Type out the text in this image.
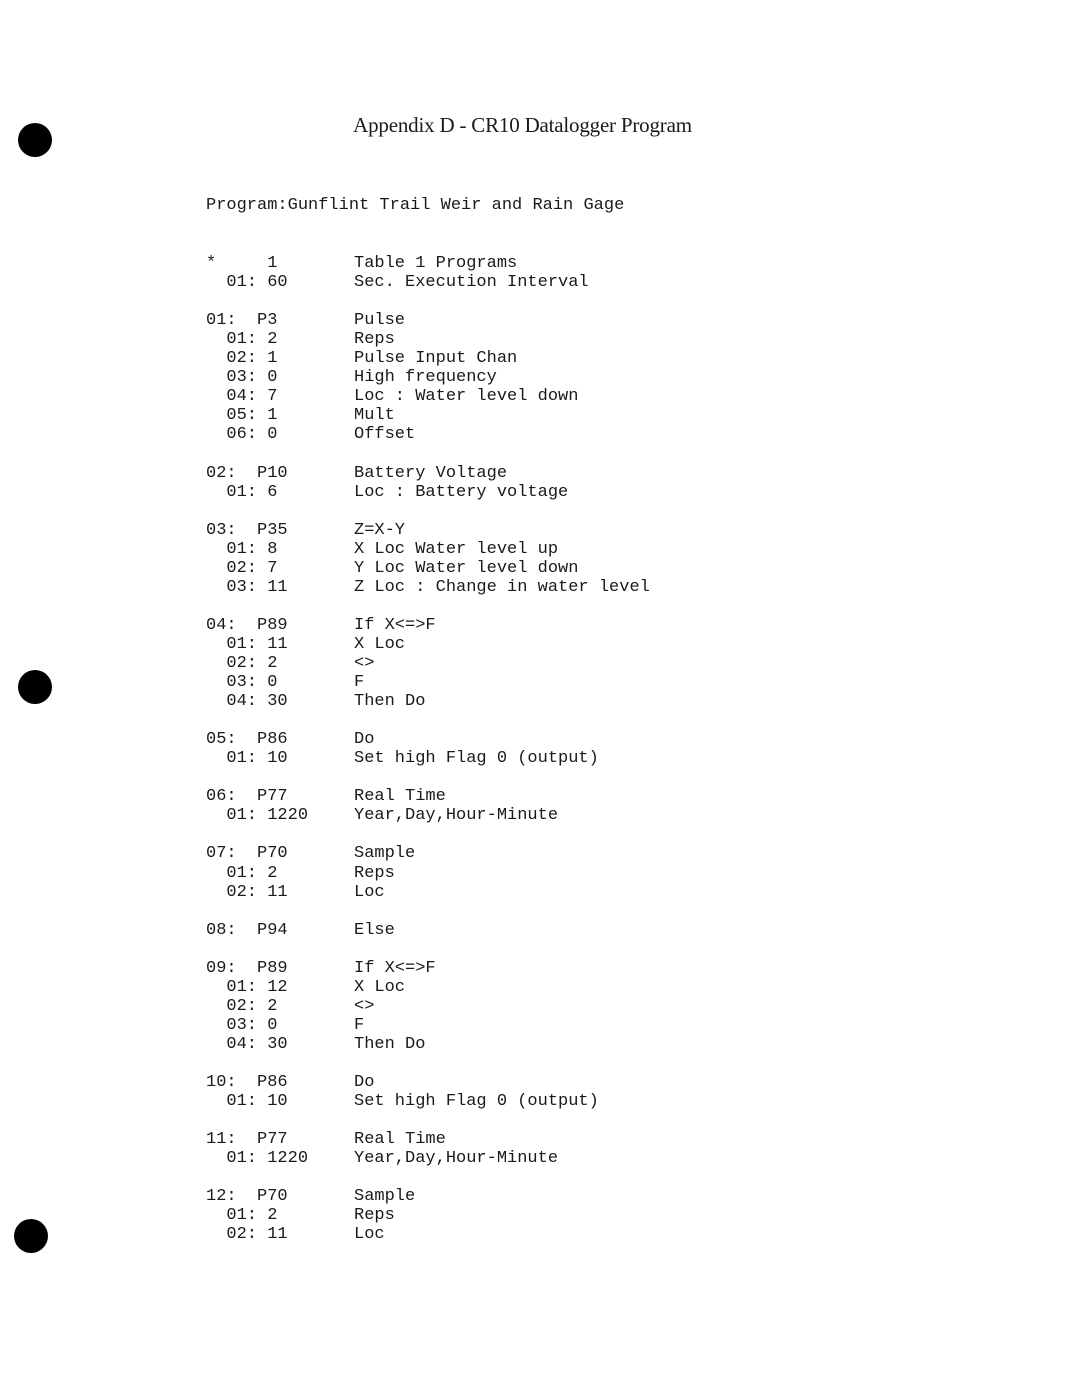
Appendix D - CR10 Datalogger Program
Program:Gunflint Trail Weir and Rain Gage
*     1	Table 1 Programs
01: 60	Sec. Execution Interval
01:  P3	Pulse
01: 2	Reps
02: 1	Pulse Input Chan
03: 0	High frequency
04: 7	Loc : Water level down
05: 1	Mult
06: 0	Offset
02:  P10	Battery Voltage
01: 6	Loc : Battery voltage
03:  P35	Z=X-Y
01: 8	X Loc Water level up
02: 7	Y Loc Water level down
03: 11	Z Loc : Change in water level
04:  P89	If X<=>F
01: 11	X Loc
02: 2	<>
03: 0	F
04: 30	Then Do
05:  P86	Do
01: 10	Set high Flag 0 (output)
06:  P77	Real Time
01: 1220	Year,Day,Hour-Minute
07:  P70	Sample
01: 2	Reps
02: 11	Loc
08:  P94	Else
09:  P89	If X<=>F
01: 12	X Loc
02: 2	<>
03: 0	F
04: 30	Then Do
10:  P86	Do
01: 10	Set high Flag 0 (output)
11:  P77	Real Time
01: 1220	Year,Day,Hour-Minute
12:  P70	Sample
01: 2	Reps
02: 11	Loc
